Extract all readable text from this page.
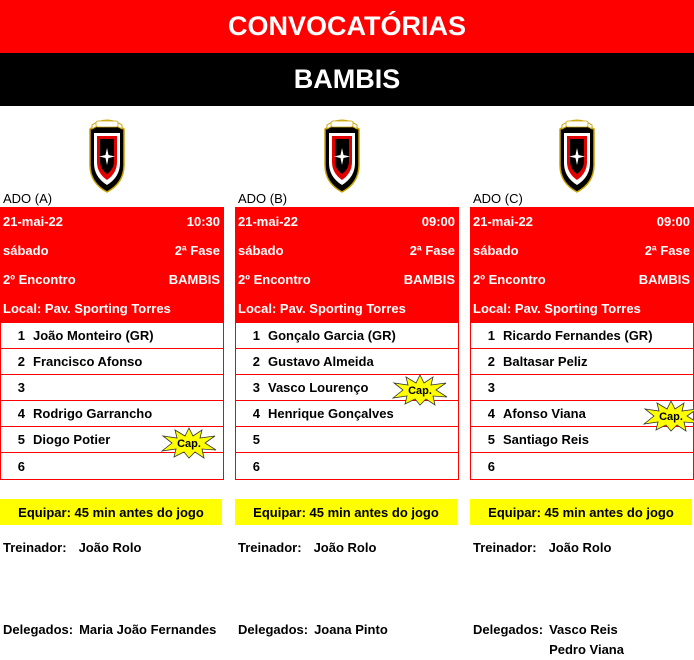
CONVOCATÓRIAS
BAMBIS
ADO (A)
21-mai-22	10:30
sábado	2ª Fase
2º Encontro	BAMBIS
Local: Pav. Sporting Torres
1 João Monteiro (GR)
2 Francisco Afonso
3
4 Rodrigo Garrancho
5 Diogo Potier
6
Equipar: 45 min antes do jogo
Treinador: João Rolo
Delegados: Maria João Fernandes
Cap.
ADO (B)
21-mai-22	09:00
sábado	2ª Fase
2º Encontro	BAMBIS
Local: Pav. Sporting Torres
1 Gonçalo Garcia (GR)
2 Gustavo Almeida
3 Vasco Lourenço
4 Henrique Gonçalves
5
6
Equipar: 45 min antes do jogo
Treinador: João Rolo
Delegados: Joana Pinto
Cap.
ADO (C)
21-mai-22	09:00
sábado	2ª Fase
2º Encontro	BAMBIS
Local: Pav. Sporting Torres
1 Ricardo Fernandes (GR)
2 Baltasar Peliz
3
4 Afonso Viana
5 Santiago Reis
6
Equipar: 45 min antes do jogo
Treinador: João Rolo
Delegados: Vasco Reis
Pedro Viana
Cap.
